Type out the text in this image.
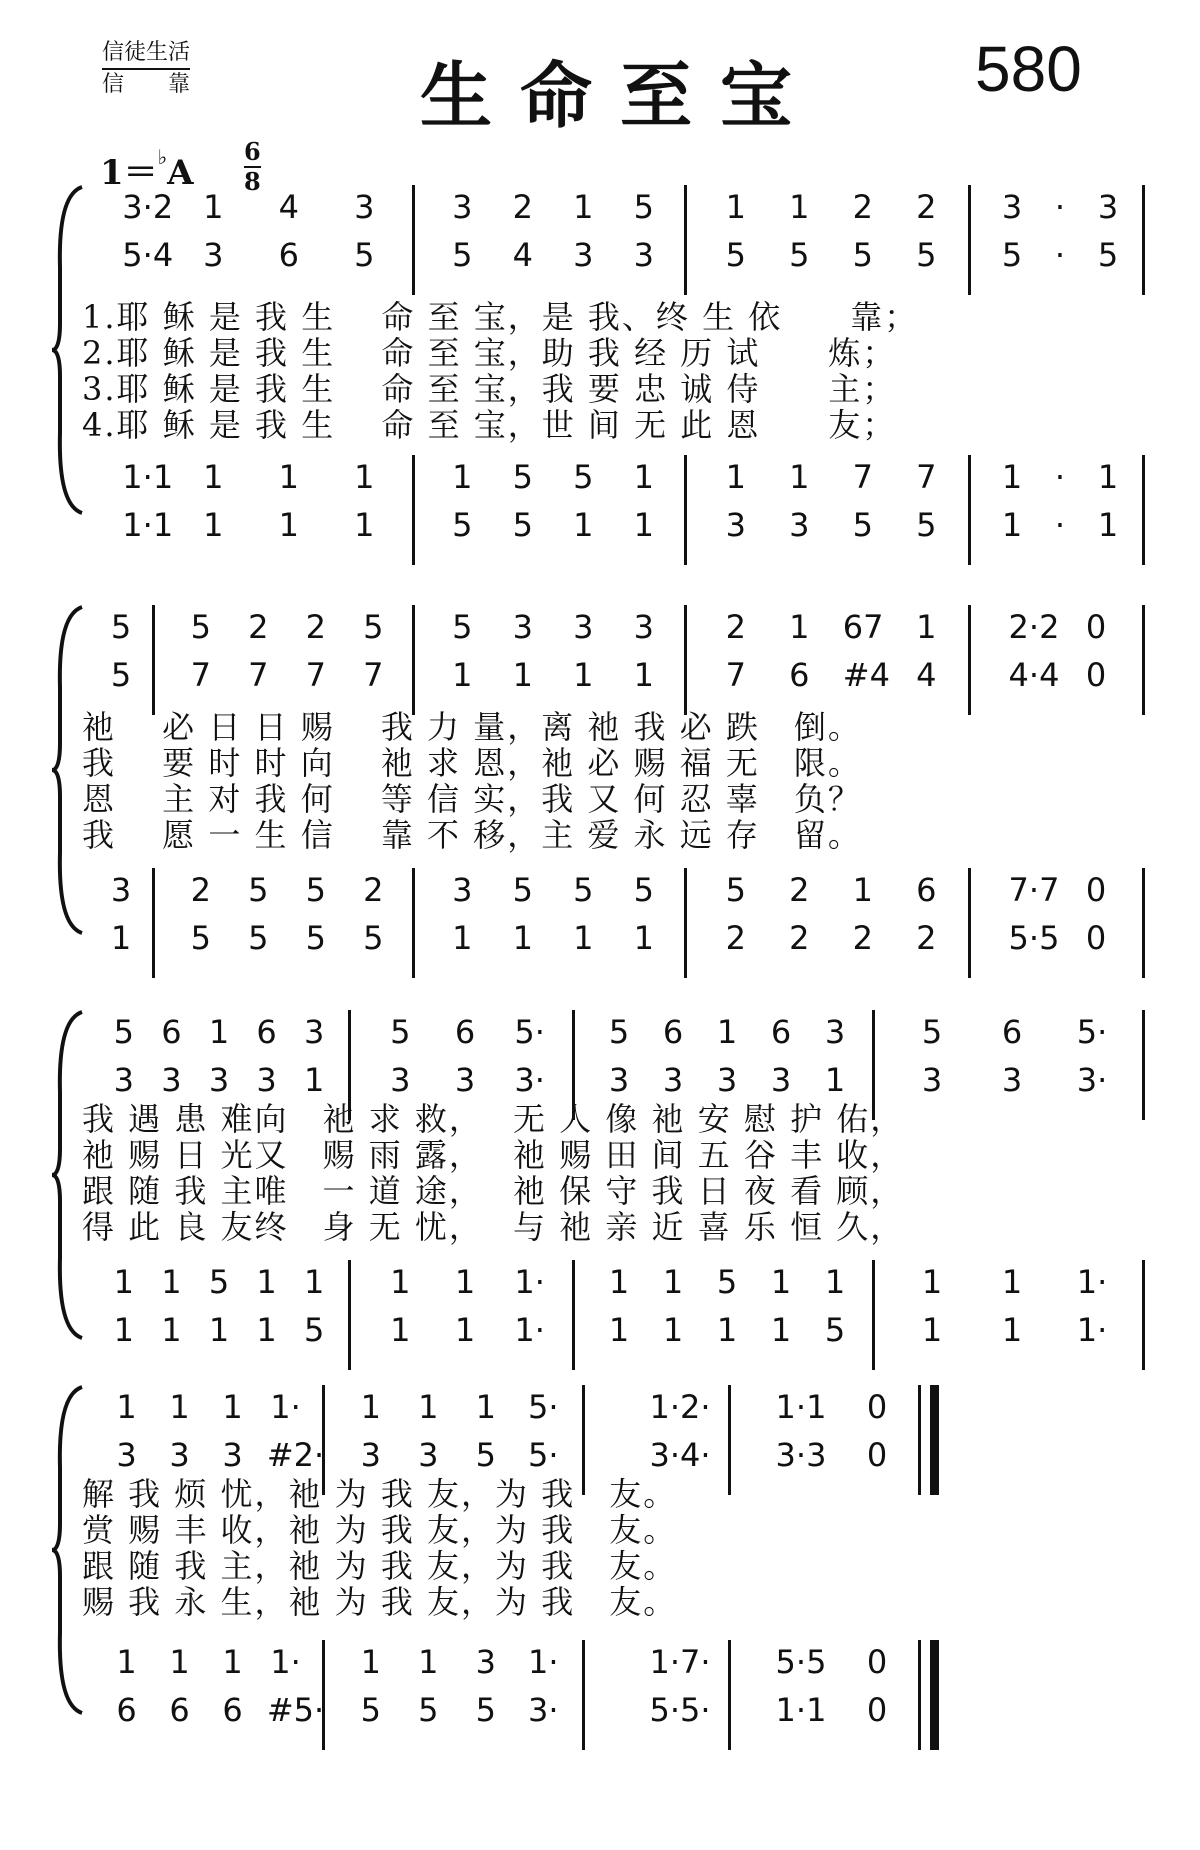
信徒生活
信　　靠	生命至宝 580
1＝♭A
6
8
3·2 1	4	3	3	2	1	5	1	1	2	2	3	·	3
5·4 3	6	5	5	4	3	3	5	5	5	5	5	·	5
1·1 1	1	1	1	5	5	1	1	1	7	7	1	·	1
1·1 1	1	1	5	5	1	1	3	3	5	5	1	·	1
1.耶 稣 是 我 生　 命 至 宝，是 我、终 生 依　　靠；
2.耶 稣 是 我 生　 命 至 宝，助 我 经 历 试　　炼；
3.耶 稣 是 我 生　 命 至 宝，我 要 忠 诚 侍　　主；
4.耶 稣 是 我 生　 命 至 宝，世 间 无 此 恩　　友；
5	5	2	2	5	5	3	3	3	2	1	67	1	2·2 0
5	7	7	7	7	1	1	1	1	7	6	#4 4	4·4 0
3	2	5	5	2	3	5	5	5	5	2	1	6	7·7 0
1	5	5	5	5	1	1	1	1	2	2	2	2	5·5 0
祂　 必 日 日 赐　 我 力 量，离 祂 我 必 跌　倒。
我　 要 时 时 向　 祂 求 恩，祂 必 赐 福 无　限。
恩　 主 对 我 何　 等 信 实，我 又 何 忍 辜　负？
我　 愿 一 生 信　 靠 不 移，主 爱 永 远 存　留。
5 6 1 6 3	5	6	5·	5	6	1	6	3	5	6	5·
3 3 3 3 1	3	3	3·	3	3	3	3	1	3	3	3·
1 1 5 1 1	1	1	1·	1	1	5	1	1	1	1	1·
1 1 1 1 5	1	1	1·	1	1	1	1	5	1	1	1·
我 遇 患 难向　祂 求 救，　 无 人 像 祂 安 慰 护 佑，
祂 赐 日 光又　赐 雨 露，　 祂 赐 田 间 五 谷 丰 收，
跟 随 我 主唯　一 道 途，　 祂 保 守 我 日 夜 看 顾，
得 此 良 友终　身 无 忧，　 与 祂 亲 近 喜 乐 恒 久，
1	1	1 1·	1	1	1	5·	1·2· 1·1	0
3	3	3 #2·	3	3	5	5·	3·4· 3·3	0
1	1	1 1·	1	1	3	1·	1·7· 5·5	0
6	6	6 #5·	5	5	5	3·	5·5· 1·1	0
解 我 烦 忧，祂 为 我 友，为 我　友。
赏 赐 丰 收，祂 为 我 友，为 我　友。
跟 随 我 主，祂 为 我 友，为 我　友。
赐 我 永 生，祂 为 我 友，为 我　友。
